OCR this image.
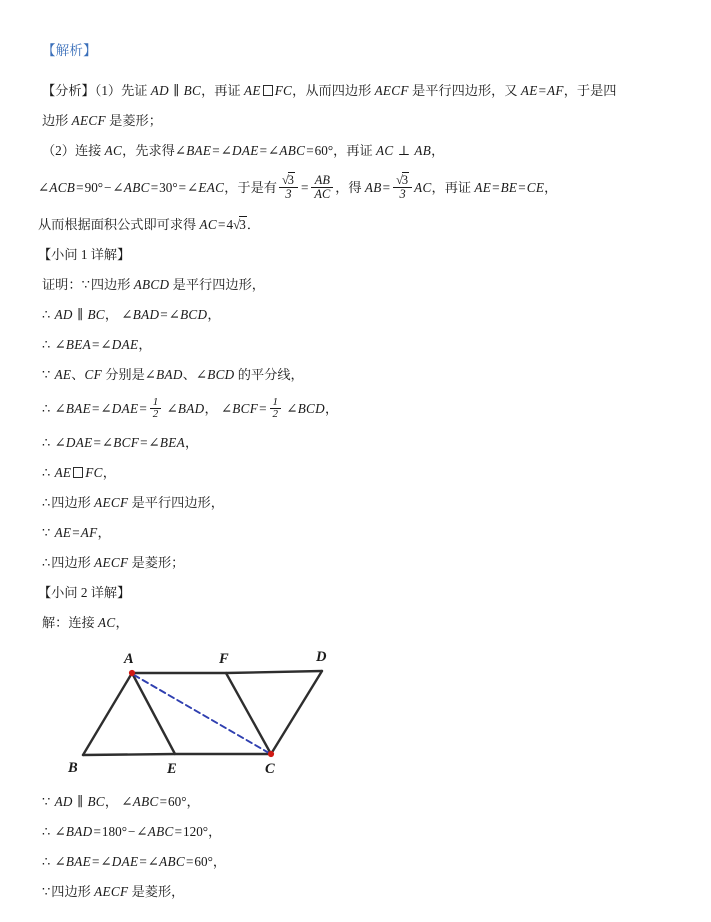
【解析】

【分析】（1）先证 AD ∥ BC，再证 AE FC，从而四边形 AECF 是平行四边形，又 AE=AF，于是四

边形 AECF 是菱形；

（2）连接 AC，先求得∠BAE=∠DAE=∠ABC=60°，再证 AC ⊥ AB，

∠ACB=90°−∠ABC=30°=∠EAC，于是有 $\frac{√3}{3} = \frac{AB}{AC}$ ，得 $AB= \frac{√3}{3}$ AC，再证 AE=BE=CE，

从而根据面积公式即可求得 AC=4√3．

【小问 1 详解】

证明：∵四边形 ABCD 是平行四边形，

∴ AD ∥ BC， ∠BAD=∠BCD，

∴ ∠BEA=∠DAE，

∵ AE、CF 分别是∠BAD、∠BCD 的平分线，

∴ ∠BAE=∠DAE= $\frac{1}{2}$ ∠BAD， ∠BCF= $\frac{1}{2}$ ∠BCD，

∴ ∠DAE=∠BCF=∠BEA，

∴ AE FC，

∴四边形 AECF 是平行四边形，

∵ AE=AF，

∴四边形 AECF 是菱形；

【小问 2 详解】

解：连接 AC，

A	F	D
B	E	C

∵ AD ∥ BC， ∠ABC=60°，

∴ ∠BAD=180°−∠ABC=120°，

∴ ∠BAE=∠DAE=∠ABC=60°，

∵四边形 AECF 是菱形，
